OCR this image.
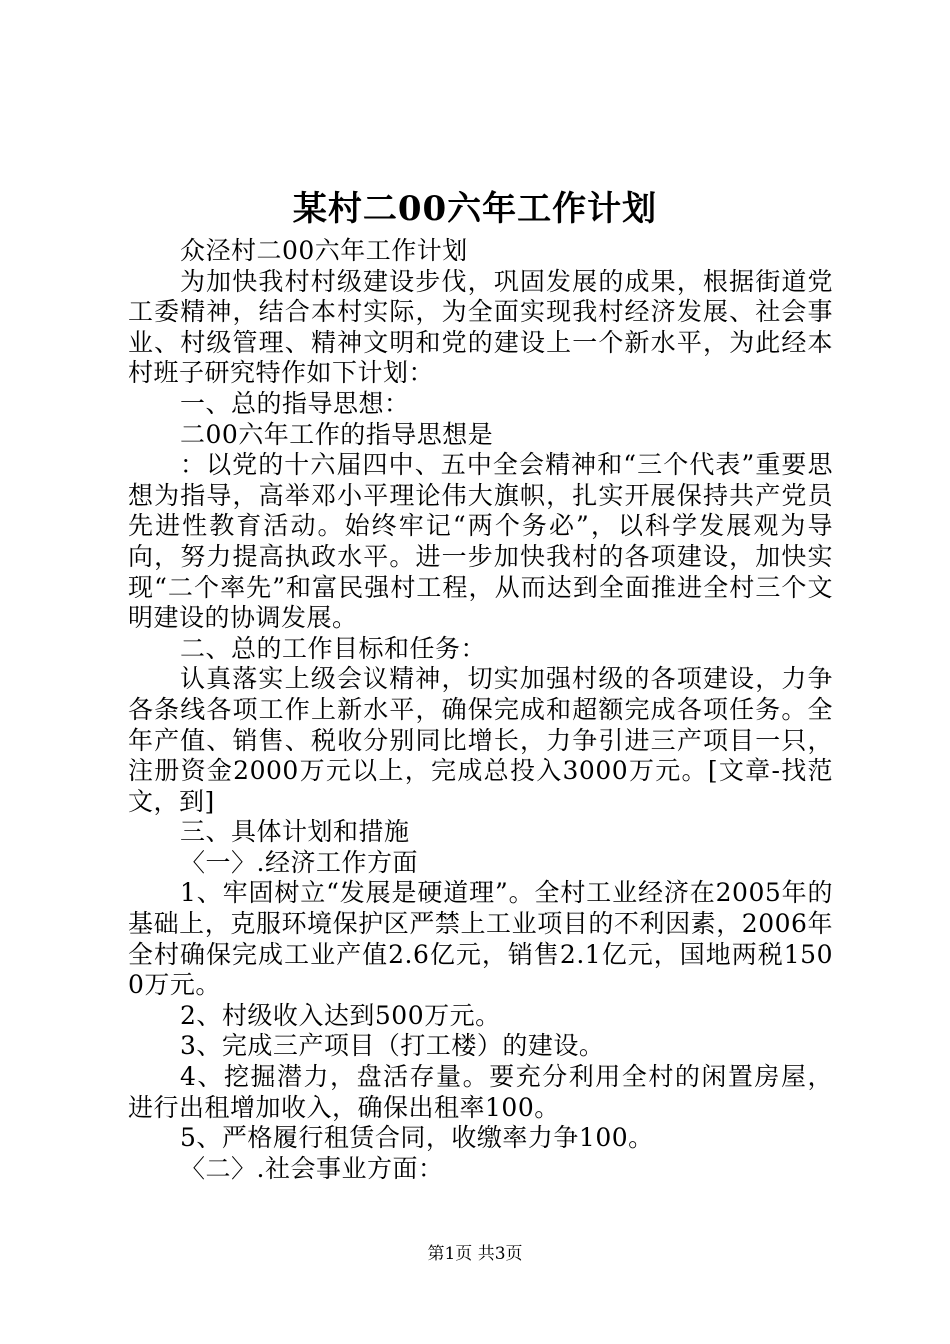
某村二00六年工作计划

众泾村二00六年工作计划

为加快我村村级建设步伐，巩固发展的成果，根据街道党工委精神，结合本村实际，为全面实现我村经济发展、社会事业、村级管理、精神文明和党的建设上一个新水平，为此经本村班子研究特作如下计划：

一、总的指导思想：

二00六年工作的指导思想是

：以党的十六届四中、五中全会精神和“三个代表”重要思想为指导，高举邓小平理论伟大旗帜，扎实开展保持共产党员先进性教育活动。始终牢记“两个务必”，以科学发展观为导向，努力提高执政水平。进一步加快我村的各项建设，加快实现“二个率先”和富民强村工程，从而达到全面推进全村三个文明建设的协调发展。

二、总的工作目标和任务：

认真落实上级会议精神，切实加强村级的各项建设，力争各条线各项工作上新水平，确保完成和超额完成各项任务。全年产值、销售、税收分别同比增长，力争引进三产项目一只，注册资金2000万元以上，完成总投入3000万元。[文章-找范文，到]

三、具体计划和措施

〈一〉.经济工作方面

1、牢固树立“发展是硬道理”。全村工业经济在2005年的基础上，克服环境保护区严禁上工业项目的不利因素，2006年全村确保完成工业产值2.6亿元，销售2.1亿元，国地两税1500万元。

2、村级收入达到500万元。

3、完成三产项目（打工楼）的建设。

4、挖掘潜力，盘活存量。要充分利用全村的闲置房屋，进行出租增加收入，确保出租率100。

5、严格履行租赁合同，收缴率力争100。

〈二〉.社会事业方面：

第1页 共3页
